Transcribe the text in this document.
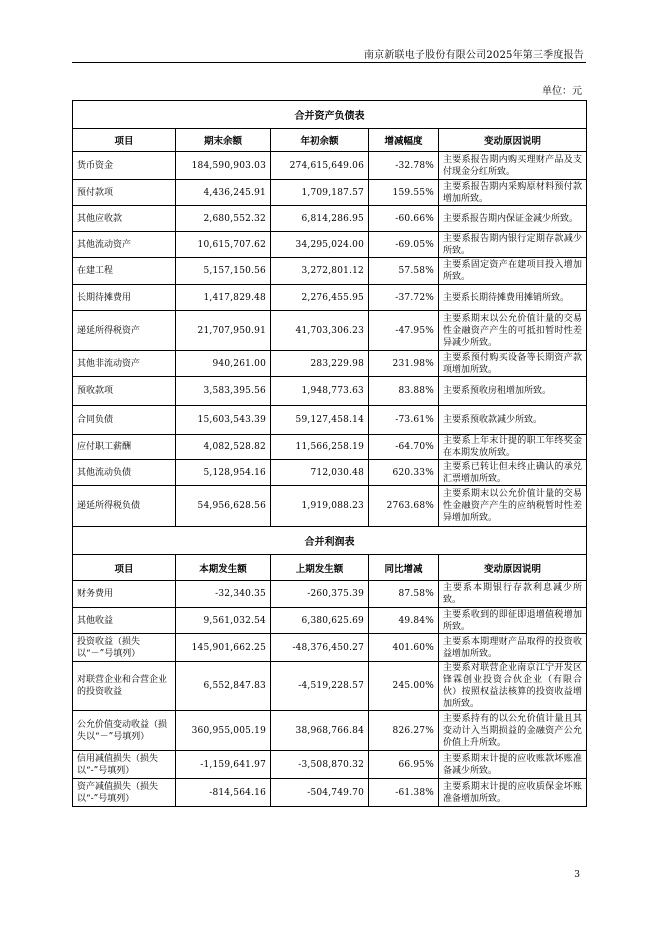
南京新联电子股份有限公司2025年第三季度报告
单位：元
合并资产负债表				
项目	期末余额	年初余额	增减幅度	变动原因说明
货币资金	184,590,903.03	274,615,649.06	-32.78%	主要系报告期内购买理财产品及支付现金分红所致。
预付款项	4,436,245.91	1,709,187.57	159.55%	主要系报告期内采购原材料预付款增加所致。
其他应收款	2,680,552.32	6,814,286.95	-60.66%	主要系报告期内保证金减少所致。
其他流动资产	10,615,707.62	34,295,024.00	-69.05%	主要系报告期内银行定期存款减少所致。
在建工程	5,157,150.56	3,272,801.12	57.58%	主要系固定资产在建项目投入增加所致。
长期待摊费用	1,417,829.48	2,276,455.95	-37.72%	主要系长期待摊费用摊销所致。
递延所得税资产	21,707,950.91	41,703,306.23	-47.95%	主要系期末以公允价值计量的交易性金融资产产生的可抵扣暂时性差异减少所致。
其他非流动资产	940,261.00	283,229.98	231.98%	主要系预付购买设备等长期资产款项增加所致。
预收款项	3,583,395.56	1,948,773.63	83.88%	主要系预收房租增加所致。
合同负债	15,603,543.39	59,127,458.14	-73.61%	主要系预收款减少所致。
应付职工薪酬	4,082,528.82	11,566,258.19	-64.70%	主要系上年末计提的职工年终奖金在本期发放所致。
其他流动负债	5,128,954.16	712,030.48	620.33%	主要系已转让但未终止确认的承兑汇票增加所致。
递延所得税负债	54,956,628.56	1,919,088.23	2763.68%	主要系期末以公允价值计量的交易性金融资产产生的应纳税暂时性差异增加所致。
合并利润表				
项目	本期发生额	上期发生额	同比增减	变动原因说明
财务费用	-32,340.35	-260,375.39	87.58%	主要系本期银行存款利息减少所致。
其他收益	9,561,032.54	6,380,625.69	49.84%	主要系收到的即征即退增值税增加所致。
投资收益（损失以“－”号填列）	145,901,662.25	-48,376,450.27	401.60%	主要系本期理财产品取得的投资收益增加所致。
对联营企业和合营企业的投资收益	6,552,847.83	-4,519,228.57	245.00%	主要系对联营企业南京江宁开发区锋霖创业投资合伙企业（有限合伙）按照权益法核算的投资收益增加所致。
公允价值变动收益（损失以“－”号填列）	360,955,005.19	38,968,766.84	826.27%	主要系持有的以公允价值计量且其变动计入当期损益的金融资产公允价值上升所致。
信用减值损失（损失以“-”号填列）	-1,159,641.97	-3,508,870.32	66.95%	主要系期末计提的应收账款坏账准备减少所致。
资产减值损失（损失以“-”号填列）	-814,564.16	-504,749.70	-61.38%	主要系期末计提的应收质保金坏账准备增加所致。
3
